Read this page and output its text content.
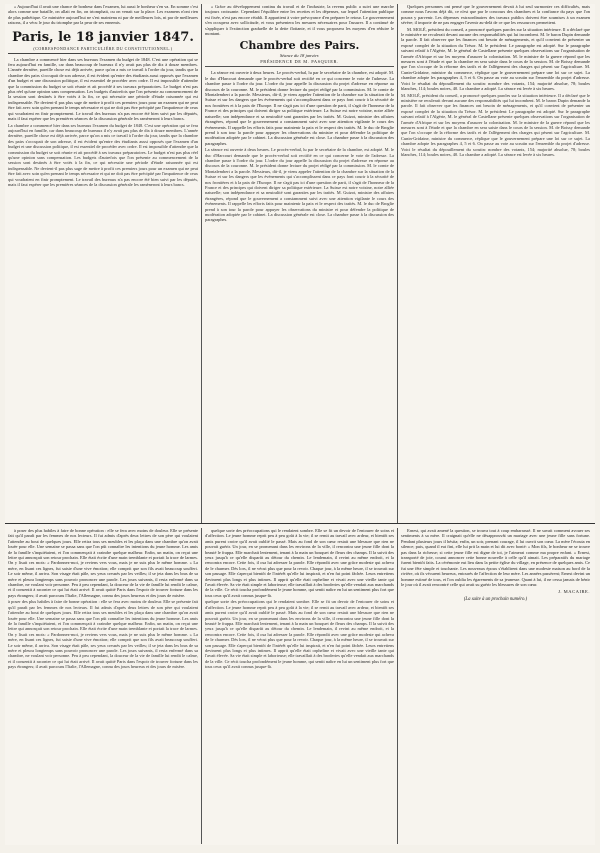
« Aujourd'hui il avait une chance de bonheur dans l'examen, lui aussi le bonheur s'en va. En somme c'est alors comme une bataille, on allait en fin, on triomphait, ou on venait sur la place. Les examens n'ont rien de plus pathétique. Ce ministère aujourd'hui ne s'est maintenu ni par de meilleures lois, ni par de meilleures raisons, il a vécu le jour du triomphe par la peur de ses ennemis.

Paris, le 18 janvier 1847.
(CORRESPONDANCE PARTICULIÈRE DU CONSTITUTIONNEL.)

La chambre a commencé hier dans ses bureaux l'examen du budget de 1848. C'est une opération qui se fera aujourd'hui en famille, car dans beaucoup de bureaux il n'y avait pas plus de dix à douze membres. L'année dernière, pareille chose est déjà arrivée, parce qu'on a mis ce travail à l'ordre du jour, tandis que la chambre des pairs s'occupait de son adresse, il est évident qu'entre des étudiants aussi opposés que l'examen d'un budget et une discussion politique, il est essentiel de procéder avec ordre. Il est impossible d'attendre que la commission du budget se soit réunie et ait procédé à ses travaux préparatoires. Le budget n'est pas plus réel qu'une opinion sans compensation. Les budgets d'autrefois que l'on présente au commencement de la session sont destinés à être votés à la fin, ce qui nécessite une période d'étude raisonnée qui est indispensable. Ne devient-il pas plus sage de mettre à profit ces premiers jours pour un examen qui ne peut être fait avec soin qu'en prenant le temps nécessaire et qui ne doit pas être précipité par l'impatience de ceux qui voudraient en finir promptement. Le travail des bureaux n'a pas encore été bien suivi par les députés, mais il faut espérer que les premières séances de la discussion générale les ramèneront à leurs bancs.

La chambre a commencé hier dans ses bureaux l'examen du budget de 1848. C'est une opération qui se fera aujourd'hui en famille, car dans beaucoup de bureaux il n'y avait pas plus de dix à douze membres. L'année dernière, pareille chose est déjà arrivée, parce qu'on a mis ce travail à l'ordre du jour, tandis que la chambre des pairs s'occupait de son adresse, il est évident qu'entre des étudiants aussi opposés que l'examen d'un budget et une discussion politique, il est essentiel de procéder avec ordre. Il est impossible d'attendre que la commission du budget se soit réunie et ait procédé à ses travaux préparatoires. Le budget n'est pas plus réel qu'une opinion sans compensation. Les budgets d'autrefois que l'on présente au commencement de la session sont destinés à être votés à la fin, ce qui nécessite une période d'étude raisonnée qui est indispensable. Ne devient-il pas plus sage de mettre à profit ces premiers jours pour un examen qui ne peut être fait avec soin qu'en prenant le temps nécessaire et qui ne doit pas être précipité par l'impatience de ceux qui voudraient en finir promptement. Le travail des bureaux n'a pas encore été bien suivi par les députés, mais il faut espérer que les premières séances de la discussion générale les ramèneront à leurs bancs.

« Grâce au développement continu du travail et de l'industrie, la revenu public a suivi une marche toujours croissante. Cependant l'équilibre entre les recettes et les dépenses, sur lequel l'attention publique est fixée, n'est pas encore rétabli. Il appartient à votre prévoyance d'en préparer le retour. Le gouvernement s'en occupera avec sollicitude, et vous présentera les mesures nécessaires pour l'assurer. Il a continué de s'appliquer à l'extinction graduelle de la dette flottante, et il vous proposera les moyens d'en réduire le montant.

Chambre des Pairs.
Séance du 18 janvier.
PRÉSIDENCE DE M. PASQUIER.

La séance est ouverte à deux heures. Le procès-verbal, lu par le secrétaire de la chambre, est adopté. M. le duc d'Harcourt demande que le procès-verbal soit rectifié en ce qui concerne le vote de l'adresse. La chambre passe à l'ordre du jour. L'ordre du jour appelle la discussion du projet d'adresse en réponse au discours de la couronne. M. le président donne lecture du projet rédigé par la commission. M. le comte de Montalembert a la parole. Messieurs, dit-il, je viens appeler l'attention de la chambre sur la situation de la Suisse et sur les dangers que les événements qui s'accomplissent dans ce pays font courir à la sécurité de nos frontières et à la paix de l'Europe. Il ne s'agit pas ici d'une question de parti, il s'agit de l'honneur de la France et des principes qui doivent diriger sa politique extérieure. La Suisse est notre voisine, notre alliée naturelle; son indépendance et sa neutralité sont garanties par les traités. M. Guizot, ministre des affaires étrangères, répond que le gouvernement a constamment suivi avec une attention vigilante le cours des événements. Il rappelle les efforts faits pour maintenir la paix et le respect des traités. M. le duc de Broglie prend à son tour la parole pour appuyer les observations du ministre et pour défendre la politique de modération adoptée par le cabinet. La discussion générale est close. La chambre passe à la discussion des paragraphes.

La séance est ouverte à deux heures. Le procès-verbal, lu par le secrétaire de la chambre, est adopté. M. le duc d'Harcourt demande que le procès-verbal soit rectifié en ce qui concerne le vote de l'adresse. La chambre passe à l'ordre du jour. L'ordre du jour appelle la discussion du projet d'adresse en réponse au discours de la couronne. M. le président donne lecture du projet rédigé par la commission. M. le comte de Montalembert a la parole. Messieurs, dit-il, je viens appeler l'attention de la chambre sur la situation de la Suisse et sur les dangers que les événements qui s'accomplissent dans ce pays font courir à la sécurité de nos frontières et à la paix de l'Europe. Il ne s'agit pas ici d'une question de parti, il s'agit de l'honneur de la France et des principes qui doivent diriger sa politique extérieure. La Suisse est notre voisine, notre alliée naturelle; son indépendance et sa neutralité sont garanties par les traités. M. Guizot, ministre des affaires étrangères, répond que le gouvernement a constamment suivi avec une attention vigilante le cours des événements. Il rappelle les efforts faits pour maintenir la paix et le respect des traités. M. le duc de Broglie prend à son tour la parole pour appuyer les observations du ministre et pour défendre la politique de modération adoptée par le cabinet. La discussion générale est close. La chambre passe à la discussion des paragraphes.

Quelques personnes ont pensé que le gouvernement devait à lui seul surmonter ces difficultés, mais comme nous l'avons déjà dit, ce n'est que par le concours des chambres et la confiance du pays que l'on pourra y parvenir. Les dépenses extraordinaires des travaux publics doivent être soumises à un examen sévère; il importe de ne pas engager l'avenir au-delà de ce que les ressources permettent.

M. MOLÉ, président du conseil, a prononcé quelques paroles sur la situation intérieure. Il a déclaré que le ministère ne reculerait devant aucune des responsabilités qui lui incombent. M. le baron Dupin demande la parole. Il fait observer que les finances ont besoin de ménagements, et qu'il convient de présenter un exposé complet de la situation du Trésor. M. le président: Le paragraphe est adopté. Sur le paragraphe suivant relatif à l'Algérie, M. le général de Castellane présente quelques observations sur l'organisation de l'armée d'Afrique et sur les moyens d'assurer la colonisation. M. le ministre de la guerre répond que les mesures sont à l'étude et que la chambre en sera saisie dans le cours de la session. M. de Boissy demande que l'on s'occupe de la réforme des tarifs et de l'allègement des charges qui pèsent sur l'agriculture. M. Cunin-Gridaine, ministre du commerce, réplique que le gouvernement prépare une loi sur ce sujet. La chambre adopte les paragraphes 4, 5 et 6. On passe au vote au scrutin sur l'ensemble du projet d'adresse. Voici le résultat du dépouillement du scrutin: nombre des votants, 154; majorité absolue, 78; boules blanches, 114; boules noires, 40. La chambre a adopté. La séance est levée à six heures.

M. MOLÉ, président du conseil, a prononcé quelques paroles sur la situation intérieure. Il a déclaré que le ministère ne reculerait devant aucune des responsabilités qui lui incombent. M. le baron Dupin demande la parole. Il fait observer que les finances ont besoin de ménagements, et qu'il convient de présenter un exposé complet de la situation du Trésor. M. le président: Le paragraphe est adopté. Sur le paragraphe suivant relatif à l'Algérie, M. le général de Castellane présente quelques observations sur l'organisation de l'armée d'Afrique et sur les moyens d'assurer la colonisation. M. le ministre de la guerre répond que les mesures sont à l'étude et que la chambre en sera saisie dans le cours de la session. M. de Boissy demande que l'on s'occupe de la réforme des tarifs et de l'allègement des charges qui pèsent sur l'agriculture. M. Cunin-Gridaine, ministre du commerce, réplique que le gouvernement prépare une loi sur ce sujet. La chambre adopte les paragraphes 4, 5 et 6. On passe au vote au scrutin sur l'ensemble du projet d'adresse. Voici le résultat du dépouillement du scrutin: nombre des votants, 154; majorité absolue, 78; boules blanches, 114; boules noires, 40. La chambre a adopté. La séance est levée à six heures.

à poser des plus habiles à faire de bonne opération : elle se fera avec moins de douleur. Elle se présente fait qu'il paraît par les femmes de nos lecteurs. Il fut admis d'après deux lettres de son père qui voulaient l'attendre au bout de quelques jours. Elle retira tous ses meubles et les plaça dans une chambre qu'on avait louée pour elle. Une semaine se passa sans que l'on pût connaître les intentions du jeune homme. Les amis de la famille s'inquiétaient, et l'on commençait à craindre quelque malheur. Enfin, un matin, on reçut une lettre qui annonçait son retour prochain. Elle était écrite d'une main tremblante et portait la trace de larmes. On y lisait ces mots: « Pardonnez-moi, je reviens vers vous, mais je ne suis plus le même homme. » La mère, en lisant ces lignes, fut saisie d'une vive émotion; elle comprit que son fils avait beaucoup souffert. Le soir même, il arriva. Son visage était pâle, ses yeux creusés par les veilles; il se jeta dans les bras de sa mère et pleura longtemps sans pouvoir prononcer une parole. Les jours suivants, il resta enfermé dans sa chambre, ne voulant voir personne. Peu à peu cependant, la douceur de la vie de famille lui rendit le calme, et il consentit à raconter ce qui lui était arrivé. Il avait quitté Paris dans l'espoir de trouver fortune dans les pays étrangers; il avait parcouru l'Italie, l'Allemagne, connu des jours heureux et des jours de misère.

à poser des plus habiles à faire de bonne opération : elle se fera avec moins de douleur. Elle se présente fait qu'il paraît par les femmes de nos lecteurs. Il fut admis d'après deux lettres de son père qui voulaient l'attendre au bout de quelques jours. Elle retira tous ses meubles et les plaça dans une chambre qu'on avait louée pour elle. Une semaine se passa sans que l'on pût connaître les intentions du jeune homme. Les amis de la famille s'inquiétaient, et l'on commençait à craindre quelque malheur. Enfin, un matin, on reçut une lettre qui annonçait son retour prochain. Elle était écrite d'une main tremblante et portait la trace de larmes. On y lisait ces mots: « Pardonnez-moi, je reviens vers vous, mais je ne suis plus le même homme. » La mère, en lisant ces lignes, fut saisie d'une vive émotion; elle comprit que son fils avait beaucoup souffert. Le soir même, il arriva. Son visage était pâle, ses yeux creusés par les veilles; il se jeta dans les bras de sa mère et pleura longtemps sans pouvoir prononcer une parole. Les jours suivants, il resta enfermé dans sa chambre, ne voulant voir personne. Peu à peu cependant, la douceur de la vie de famille lui rendit le calme, et il consentit à raconter ce qui lui était arrivé. Il avait quitté Paris dans l'espoir de trouver fortune dans les pays étrangers; il avait parcouru l'Italie, l'Allemagne, connu des jours heureux et des jours de misère.

quelque sorte des préoccupations qui le rendaient sombre. Elle se fit un devoir de l'entourer de soins et d'affection. Le jeune homme reprit peu à peu goût à la vie; il se remit au travail avec ardeur, et bientôt ses amis purent croire qu'il avait oublié le passé. Mais au fond de son cœur restait une blessure que rien ne pouvait guérir. Un jour, en se promenant dans les environs de la ville, il rencontra une jeune fille dont la beauté le frappa. Elle marchait lentement, tenant à la main un bouquet de fleurs des champs. Il la suivit des yeux jusqu'à ce qu'elle disparût au détour du chemin. Le lendemain, il revint au même endroit, et la rencontra encore. Cette fois, il osa lui adresser la parole. Elle répondit avec une grâce modeste qui acheva de le charmer. Dès lors, il ne vécut plus que pour la revoir. Chaque jour, à la même heure, il se trouvait sur son passage. Elle s'aperçut bientôt de l'intérêt qu'elle lui inspirait, et n'en fut point fâchée. Leurs entretiens devinrent plus longs et plus intimes. Il apprit qu'elle était orpheline et vivait avec une vieille tante qui l'avait élevée. Sa vie était simple et laborieuse; elle travaillait à des broderies qu'elle vendait aux marchands de la ville. Ce récit toucha profondément le jeune homme, qui sentit naître en lui un sentiment plus fort que tous ceux qu'il avait connus jusque-là.

quelque sorte des préoccupations qui le rendaient sombre. Elle se fit un devoir de l'entourer de soins et d'affection. Le jeune homme reprit peu à peu goût à la vie; il se remit au travail avec ardeur, et bientôt ses amis purent croire qu'il avait oublié le passé. Mais au fond de son cœur restait une blessure que rien ne pouvait guérir. Un jour, en se promenant dans les environs de la ville, il rencontra une jeune fille dont la beauté le frappa. Elle marchait lentement, tenant à la main un bouquet de fleurs des champs. Il la suivit des yeux jusqu'à ce qu'elle disparût au détour du chemin. Le lendemain, il revint au même endroit, et la rencontra encore. Cette fois, il osa lui adresser la parole. Elle répondit avec une grâce modeste qui acheva de le charmer. Dès lors, il ne vécut plus que pour la revoir. Chaque jour, à la même heure, il se trouvait sur son passage. Elle s'aperçut bientôt de l'intérêt qu'elle lui inspirait, et n'en fut point fâchée. Leurs entretiens devinrent plus longs et plus intimes. Il apprit qu'elle était orpheline et vivait avec une vieille tante qui l'avait élevée. Sa vie était simple et laborieuse; elle travaillait à des broderies qu'elle vendait aux marchands de la ville. Ce récit toucha profondément le jeune homme, qui sentit naître en lui un sentiment plus fort que tous ceux qu'il avait connus jusque-là.

Ernest, qui avait amené la question, se trouva tout à coup embarrassé. Il ne savait comment avouer ses sentiments à sa mère. Il craignait qu'elle ne désapprouvât un mariage avec une jeune fille sans fortune. Pendant plusieurs jours il hésita; enfin, un soir, prenant courage, il lui ouvrit son cœur. La mère l'écouta en silence; puis, quand il eut fini, elle lui prit la main et lui dit avec bonté: « Mon fils, le bonheur ne se trouve pas dans la richesse; si cette jeune fille est digne de toi, je l'aimerai comme ma propre enfant. » Ernest, transporté de joie, courut annoncer cette bonne nouvelle à celle qu'il aimait. Les préparatifs du mariage furent bientôt faits. La cérémonie eut lieu dans la petite église du village, en présence de quelques amis. Ce fut une fête simple et touchante. Les nouveaux époux s'établirent dans une modeste maison au bord de la rivière, où ils vécurent heureux, entourés de l'affection de leur mère. Les années passèrent; Ernest devint un homme estimé de tous, et l'on oublia les égarements de sa jeunesse. Quant à lui, il ne cessa jamais de bénir le jour où il avait rencontré celle qui avait su guérir les blessures de son cœur.

J. MACAIRE.
(La suite à un prochain numéro.)
